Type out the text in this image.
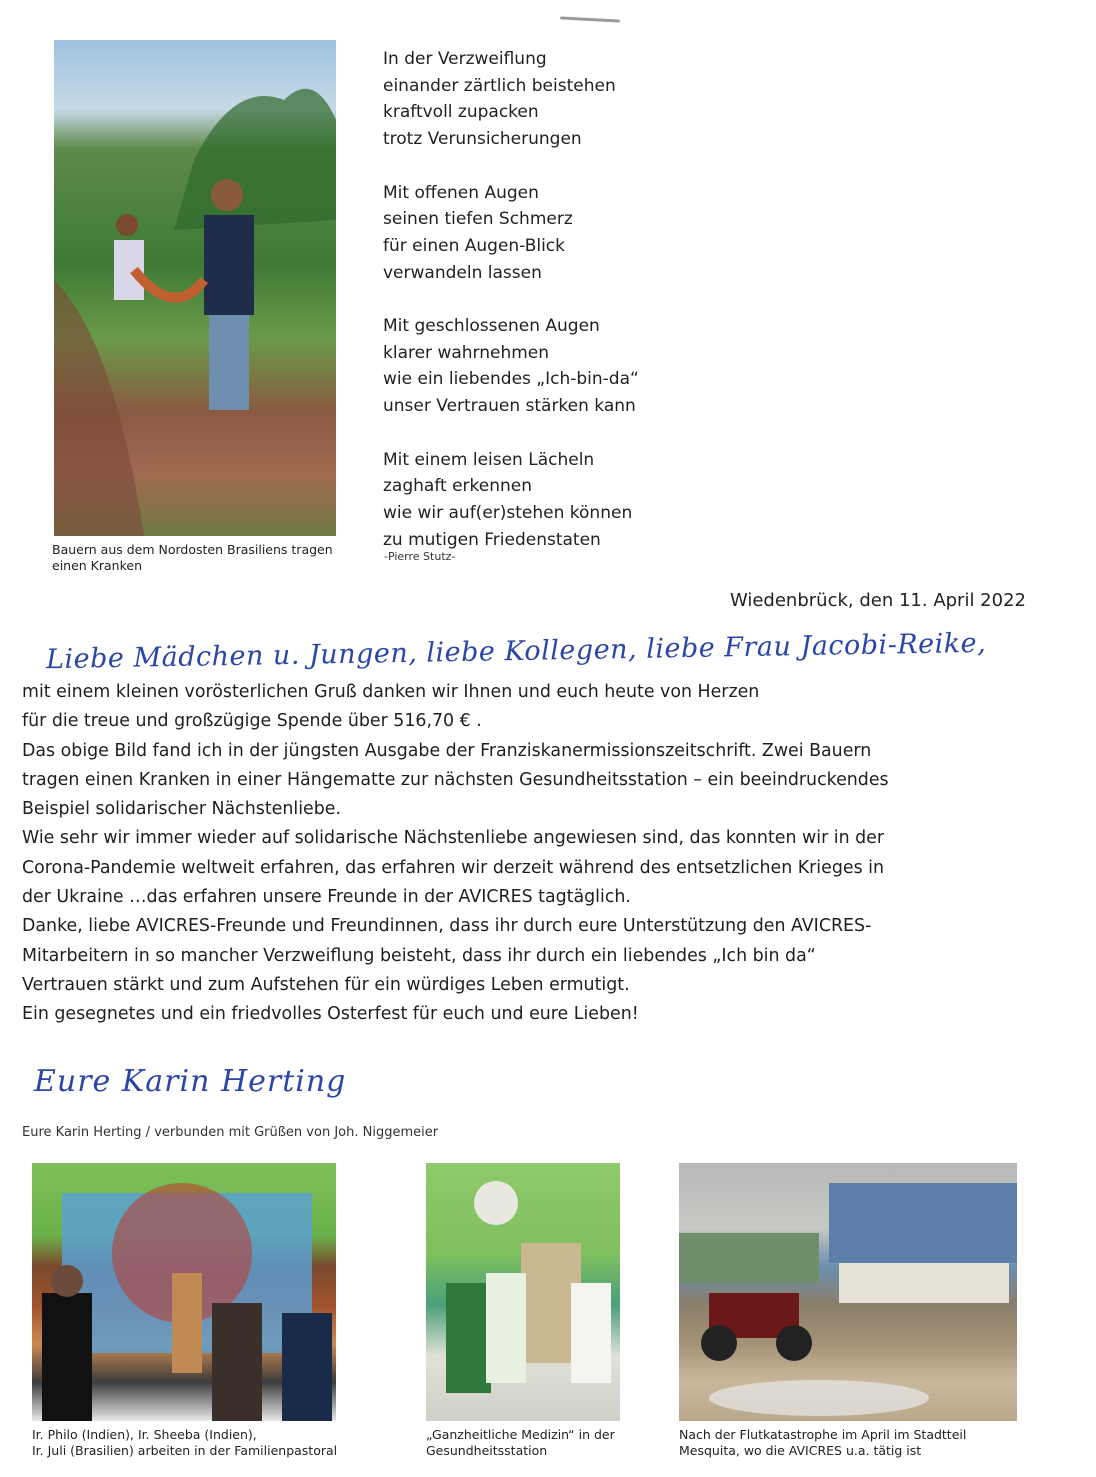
Bauern aus dem Nordosten Brasiliens tragen
einen Kranken
In der Verzweiflung
einander zärtlich beistehen
kraftvoll zupacken
trotz Verunsicherungen
Mit offenen Augen
seinen tiefen Schmerz
für einen Augen-Blick
verwandeln lassen
Mit geschlossenen Augen
klarer wahrnehmen
wie ein liebendes „Ich-bin-da“
unser Vertrauen stärken kann
Mit einem leisen Lächeln
zaghaft erkennen
wie wir auf(er)stehen können
zu mutigen Friedenstaten
-Pierre Stutz-
Wiedenbrück, den 11. April 2022
Liebe Mädchen u. Jungen, liebe Kollegen, liebe Frau Jacobi-Reike,
mit einem kleinen vorösterlichen Gruß danken wir Ihnen und euch heute von Herzen
für die treue und großzügige Spende über 516,70 € .
Das obige Bild fand ich in der jüngsten Ausgabe der Franziskanermissionszeitschrift. Zwei Bauern
tragen einen Kranken in einer Hängematte zur nächsten Gesundheitsstation – ein beeindruckendes
Beispiel solidarischer Nächstenliebe.
Wie sehr wir immer wieder auf solidarische Nächstenliebe angewiesen sind, das konnten wir in der
Corona-Pandemie weltweit erfahren, das erfahren wir derzeit während des entsetzlichen Krieges in
der Ukraine …das erfahren unsere Freunde in der AVICRES tagtäglich.
Danke, liebe AVICRES-Freunde und Freundinnen, dass ihr durch eure Unterstützung den AVICRES-
Mitarbeitern in so mancher Verzweiflung beisteht, dass ihr durch ein liebendes „Ich bin da“
Vertrauen stärkt und zum Aufstehen für ein würdiges Leben ermutigt.
Ein gesegnetes und ein friedvolles Osterfest für euch und eure Lieben!
Eure Karin Herting
Eure Karin Herting / verbunden mit Grüßen von Joh. Niggemeier
Ir. Philo (Indien), Ir. Sheeba (Indien),
Ir. Juli (Brasilien) arbeiten in der Familienpastoral
„Ganzheitliche Medizin“ in der
Gesundheitsstation
Nach der Flutkatastrophe im April im Stadtteil
Mesquita, wo die AVICRES u.a. tätig ist
